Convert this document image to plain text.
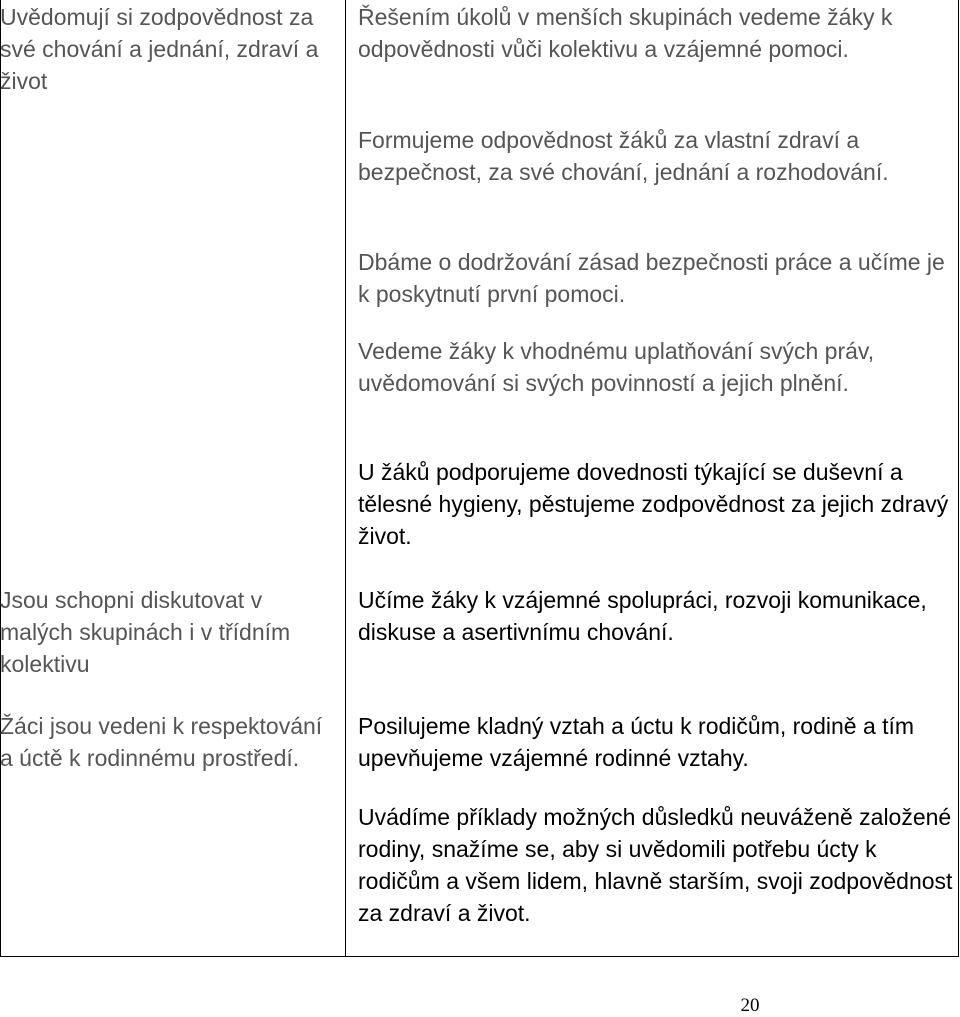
Uvědomují si zodpovědnost za své chování a jednání, zdraví a život
Jsou schopni diskutovat v malých skupinách i v třídním kolektivu
Žáci jsou vedeni k respektování a úctě k rodinnému prostředí.
Řešením úkolů v menších skupinách vedeme žáky k odpovědnosti vůči kolektivu a vzájemné pomoci.
Formujeme odpovědnost žáků za vlastní zdraví a bezpečnost, za své chování, jednání a rozhodování.
Dbáme o dodržování zásad bezpečnosti práce a učíme je k poskytnutí první pomoci.
Vedeme žáky k vhodnému uplatňování svých práv, uvědomování si svých povinností a jejich plnění.
U žáků podporujeme dovednosti týkající se duševní a tělesné hygieny, pěstujeme zodpovědnost za jejich zdravý život.
Učíme žáky k vzájemné spolupráci, rozvoji komunikace, diskuse a asertivnímu chování.
Posilujeme kladný vztah a úctu k rodičům, rodině a tím upevňujeme vzájemné rodinné vztahy.
Uvádíme příklady možných důsledků neuváženě založené rodiny, snažíme se, aby si uvědomili potřebu úcty k rodičům a všem lidem, hlavně starším, svoji zodpovědnost za zdraví a život.
20
